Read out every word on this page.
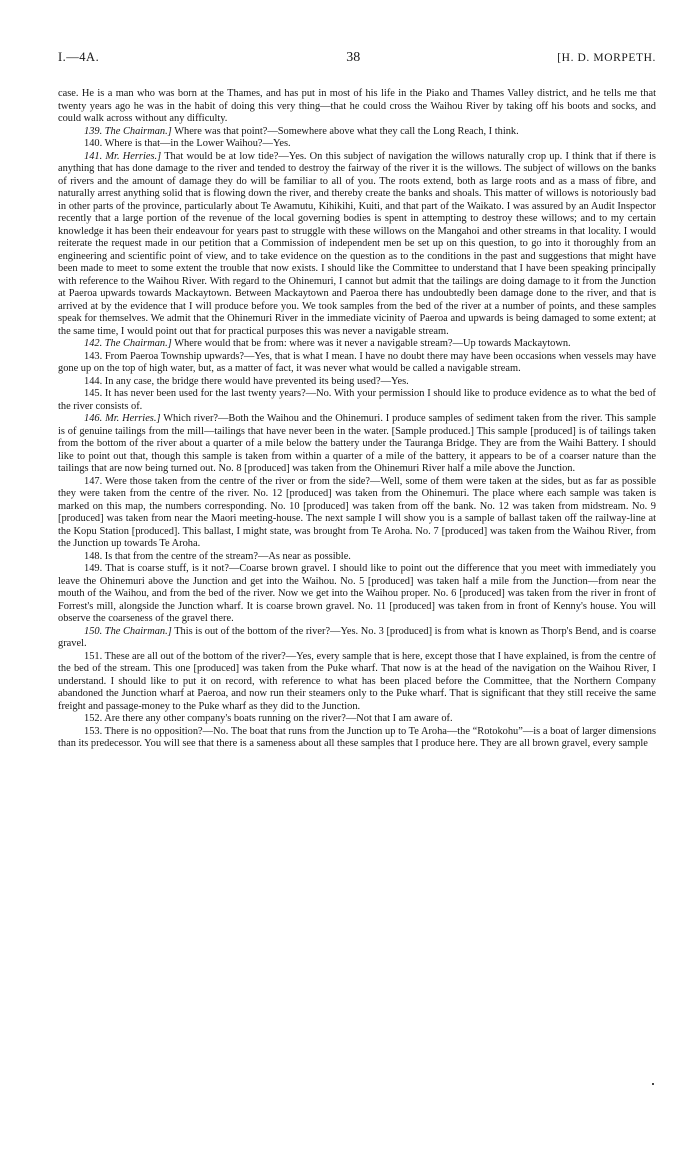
I.—4A.	38	[H. D. MORPETH.

case. He is a man who was born at the Thames, and has put in most of his life in the Piako and Thames Valley district, and he tells me that twenty years ago he was in the habit of doing this very thing—that he could cross the Waihou River by taking off his boots and socks, and could walk across without any difficulty.

139. The Chairman.] Where was that point?—Somewhere above what they call the Long Reach, I think.

140. Where is that—in the Lower Waihou?—Yes.

141. Mr. Herries.] That would be at low tide?—Yes. On this subject of navigation the willows naturally crop up. I think that if there is anything that has done damage to the river and tended to destroy the fairway of the river it is the willows. The subject of willows on the banks of rivers and the amount of damage they do will be familiar to all of you. The roots extend, both as large roots and as a mass of fibre, and naturally arrest anything solid that is flowing down the river, and thereby create the banks and shoals. This matter of willows is notoriously bad in other parts of the province, particularly about Te Awamutu, Kihikihi, Kuiti, and that part of the Waikato. I was assured by an Audit Inspector recently that a large portion of the revenue of the local governing bodies is spent in attempting to destroy these willows; and to my certain knowledge it has been their endeavour for years past to struggle with these willows on the Mangahoi and other streams in that locality. I would reiterate the request made in our petition that a Commission of independent men be set up on this question, to go into it thoroughly from an engineering and scientific point of view, and to take evidence on the question as to the conditions in the past and suggestions that might have been made to meet to some extent the trouble that now exists. I should like the Committee to understand that I have been speaking principally with reference to the Waihou River. With regard to the Ohinemuri, I cannot but admit that the tailings are doing damage to it from the Junction at Paeroa upwards towards Mackaytown. Between Mackaytown and Paeroa there has undoubtedly been damage done to the river, and that is arrived at by the evidence that I will produce before you. We took samples from the bed of the river at a number of points, and these samples speak for themselves. We admit that the Ohinemuri River in the immediate vicinity of Paeroa and upwards is being damaged to some extent; at the same time, I would point out that for practical purposes this was never a navigable stream.

142. The Chairman.] Where would that be from: where was it never a navigable stream?—Up towards Mackaytown.

143. From Paeroa Township upwards?—Yes, that is what I mean. I have no doubt there may have been occasions when vessels may have gone up on the top of high water, but, as a matter of fact, it was never what would be called a navigable stream.

144. In any case, the bridge there would have prevented its being used?—Yes.

145. It has never been used for the last twenty years?—No. With your permission I should like to produce evidence as to what the bed of the river consists of.

146. Mr. Herries.] Which river?—Both the Waihou and the Ohinemuri. I produce samples of sediment taken from the river. This sample is of genuine tailings from the mill—tailings that have never been in the water. [Sample produced.] This sample [produced] is of tailings taken from the bottom of the river about a quarter of a mile below the battery under the Tauranga Bridge. They are from the Waihi Battery. I should like to point out that, though this sample is taken from within a quarter of a mile of the battery, it appears to be of a coarser nature than the tailings that are now being turned out. No. 8 [produced] was taken from the Ohinemuri River half a mile above the Junction.

147. Were those taken from the centre of the river or from the side?—Well, some of them were taken at the sides, but as far as possible they were taken from the centre of the river. No. 12 [produced] was taken from the Ohinemuri. The place where each sample was taken is marked on this map, the numbers corresponding. No. 10 [produced] was taken from off the bank. No. 12 was taken from midstream. No. 9 [produced] was taken from near the Maori meeting-house. The next sample I will show you is a sample of ballast taken off the railway-line at the Kopu Station [produced]. This ballast, I might state, was brought from Te Aroha. No. 7 [produced] was taken from the Waihou River, from the Junction up towards Te Aroha.

148. Is that from the centre of the stream?—As near as possible.

149. That is coarse stuff, is it not?—Coarse brown gravel. I should like to point out the difference that you meet with immediately you leave the Ohinemuri above the Junction and get into the Waihou. No. 5 [produced] was taken half a mile from the Junction—from near the mouth of the Waihou, and from the bed of the river. Now we get into the Waihou proper. No. 6 [produced] was taken from the river in front of Forrest's mill, alongside the Junction wharf. It is coarse brown gravel. No. 11 [produced] was taken from in front of Kenny's house. You will observe the coarseness of the gravel there.

150. The Chairman.] This is out of the bottom of the river?—Yes. No. 3 [produced] is from what is known as Thorp's Bend, and is coarse gravel.

151. These are all out of the bottom of the river?—Yes, every sample that is here, except those that I have explained, is from the centre of the bed of the stream. This one [produced] was taken from the Puke wharf. That now is at the head of the navigation on the Waihou River, I understand. I should like to put it on record, with reference to what has been placed before the Committee, that the Northern Company abandoned the Junction wharf at Paeroa, and now run their steamers only to the Puke wharf. That is significant that they still receive the same freight and passage-money to the Puke wharf as they did to the Junction.

152. Are there any other company's boats running on the river?—Not that I am aware of.

153. There is no opposition?—No. The boat that runs from the Junction up to Te Aroha—the “Rotokohu”—is a boat of larger dimensions than its predecessor. You will see that there is a sameness about all these samples that I produce here. They are all brown gravel, every sample
